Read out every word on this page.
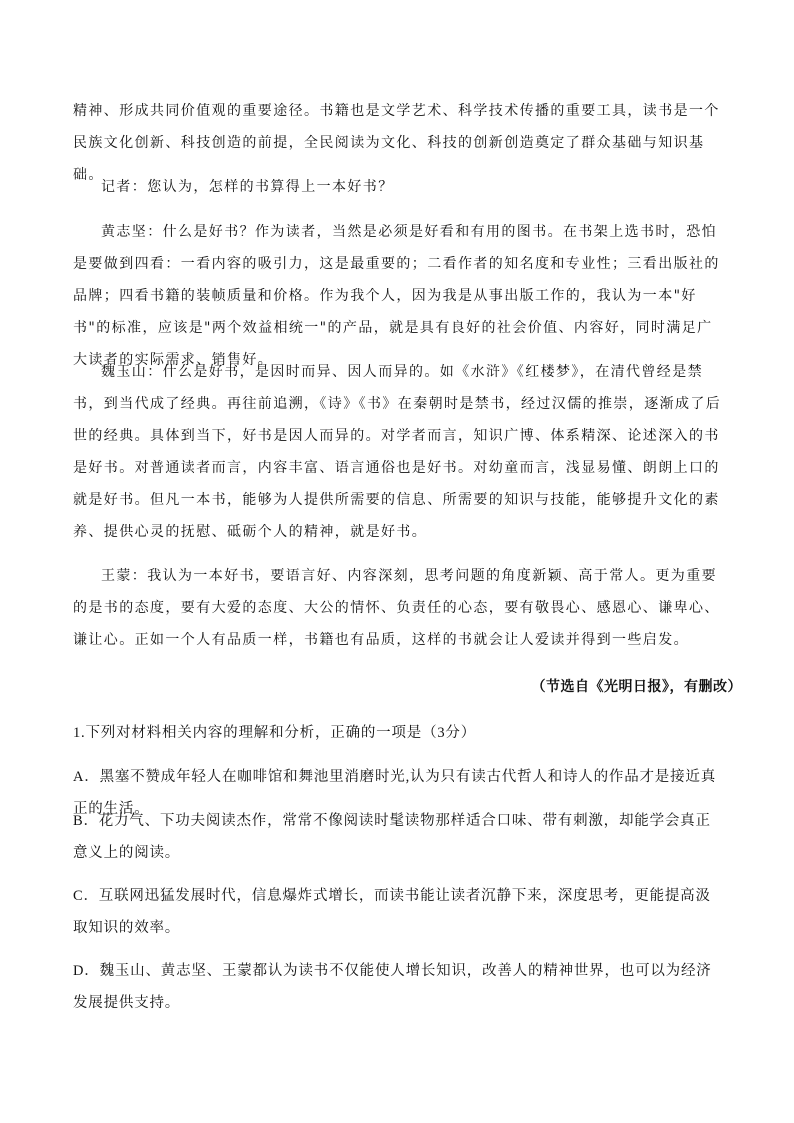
精神、形成共同价值观的重要途径。书籍也是文学艺术、科学技术传播的重要工具，读书是一个民族文化创新、科技创造的前提，全民阅读为文化、科技的创新创造奠定了群众基础与知识基础。

记者：您认为，怎样的书算得上一本好书？

黄志坚：什么是好书？作为读者，当然是必须是好看和有用的图书。在书架上选书时，恐怕是要做到四看：一看内容的吸引力，这是最重要的；二看作者的知名度和专业性；三看出版社的品牌；四看书籍的装帧质量和价格。作为我个人，因为我是从事出版工作的，我认为一本"好书"的标准，应该是"两个效益相统一"的产品，就是具有良好的社会价值、内容好，同时满足广大读者的实际需求、销售好。

魏玉山：什么是好书，是因时而异、因人而异的。如《水浒》《红楼梦》，在清代曾经是禁书，到当代成了经典。再往前追溯，《诗》《书》在秦朝时是禁书，经过汉儒的推崇，逐渐成了后世的经典。具体到当下，好书是因人而异的。对学者而言，知识广博、体系精深、论述深入的书是好书。对普通读者而言，内容丰富、语言通俗也是好书。对幼童而言，浅显易懂、朗朗上口的就是好书。但凡一本书，能够为人提供所需要的信息、所需要的知识与技能，能够提升文化的素养、提供心灵的抚慰、砥砺个人的精神，就是好书。

王蒙：我认为一本好书，要语言好、内容深刻，思考问题的角度新颖、高于常人。更为重要的是书的态度，要有大爱的态度、大公的情怀、负责任的心态，要有敬畏心、感恩心、谦卑心、谦让心。正如一个人有品质一样，书籍也有品质，这样的书就会让人爱读并得到一些启发。

（节选自《光明日报》，有删改）

1.下列对材料相关内容的理解和分析，正确的一项是（3分）

A．黑塞不赞成年轻人在咖啡馆和舞池里消磨时光,认为只有读古代哲人和诗人的作品才是接近真正的生活。

B．花力气、下功夫阅读杰作，常常不像阅读时髦读物那样适合口味、带有刺激，却能学会真正意义上的阅读。

C．互联网迅猛发展时代，信息爆炸式增长，而读书能让读者沉静下来，深度思考，更能提高汲取知识的效率。

D．魏玉山、黄志坚、王蒙都认为读书不仅能使人增长知识，改善人的精神世界，也可以为经济发展提供支持。
